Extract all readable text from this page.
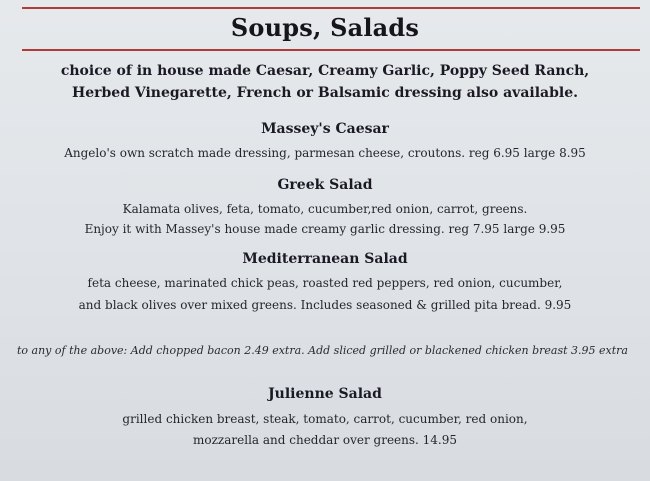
Soups, Salads
choice of in house made Caesar, Creamy Garlic, Poppy Seed Ranch,
Herbed Vinegarette, French or Balsamic dressing also available.
Massey's Caesar
Angelo's own scratch made dressing, parmesan cheese, croutons. reg 6.95 large 8.95
Greek Salad
Kalamata olives, feta, tomato, cucumber,red onion, carrot, greens.
Enjoy it with Massey's house made creamy garlic dressing. reg 7.95 large 9.95
Mediterranean Salad
feta cheese, marinated chick peas, roasted red peppers, red onion, cucumber,
and black olives over mixed greens. Includes seasoned & grilled pita bread. 9.95
to any of the above: Add chopped bacon 2.49 extra. Add sliced grilled or blackened chicken breast 3.95 extra
Julienne Salad
grilled chicken breast, steak, tomato, carrot, cucumber, red onion,
mozzarella and cheddar over greens. 14.95
